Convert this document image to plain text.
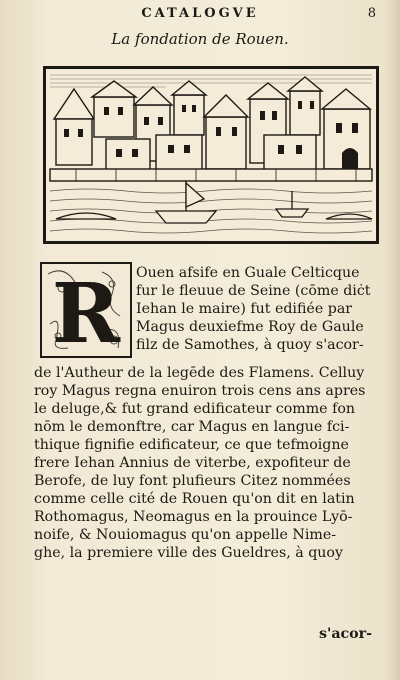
CATALOGVE	8
La fondation de Rouen.
R Ouen afsife en Guale Celticque
fur le fleuue de Seine (cōme diċt
Iehan le maire) fut edifiée par
Magus deuxiefme Roy de Gaule
filz de Samothes, à quoy s'acor-
de l'Autheur de la legēde des Flamens. Celluy
roy Magus regna enuiron trois cens ans apres
le deluge,& fut grand edificateur comme fon
nōm le demonftre, car Magus en langue fci-
thique fignifie edificateur, ce que tefmoigne
frere Iehan Annius de viterbe, expofiteur de
Berofe, de luy font plufieurs Citez nommées
comme celle cité de Rouen qu'on dit en latin
Rothomagus, Neomagus en la prouince Lyō-
noife, & Nouiomagus qu'on appelle Nime-
ghe, la premiere ville des Gueldres, à quoy
s'acor-
